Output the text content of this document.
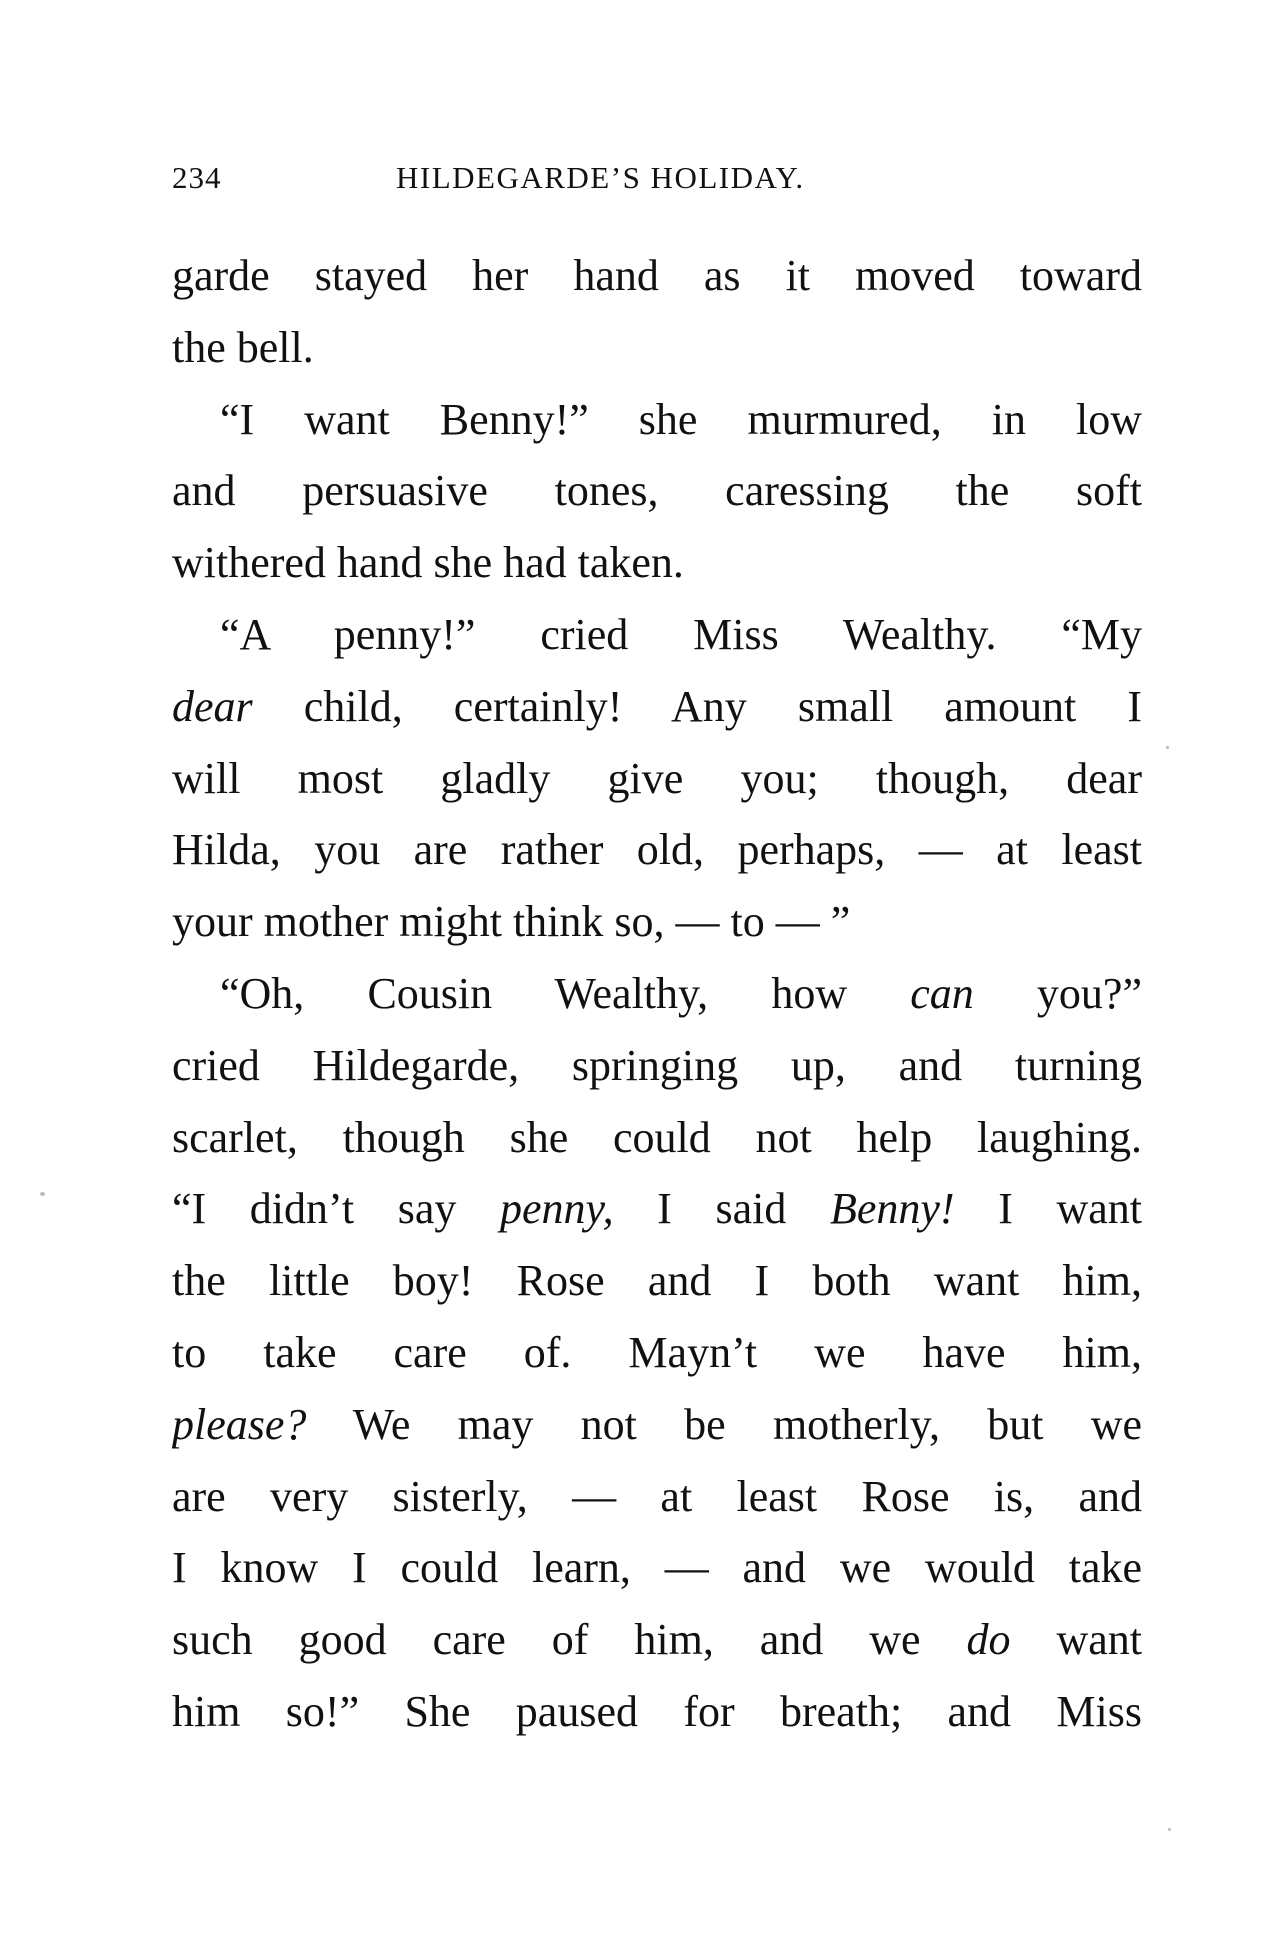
234	HILDEGARDE’S HOLIDAY.
garde stayed her hand as it moved toward
the bell.
“I want Benny!” she murmured, in low
and persuasive tones, caressing the soft
withered hand she had taken.
“A penny!” cried Miss Wealthy. “My
dear child, certainly! Any small amount I
will most gladly give you; though, dear
Hilda, you are rather old, perhaps, — at least
your mother might think so, — to — ”
“Oh, Cousin Wealthy, how can you?”
cried Hildegarde, springing up, and turning
scarlet, though she could not help laughing.
“I didn’t say penny, I said Benny! I want
the little boy! Rose and I both want him,
to take care of. Mayn’t we have him,
please? We may not be motherly, but we
are very sisterly, — at least Rose is, and
I know I could learn, — and we would take
such good care of him, and we do want
him so!” She paused for breath; and Miss
